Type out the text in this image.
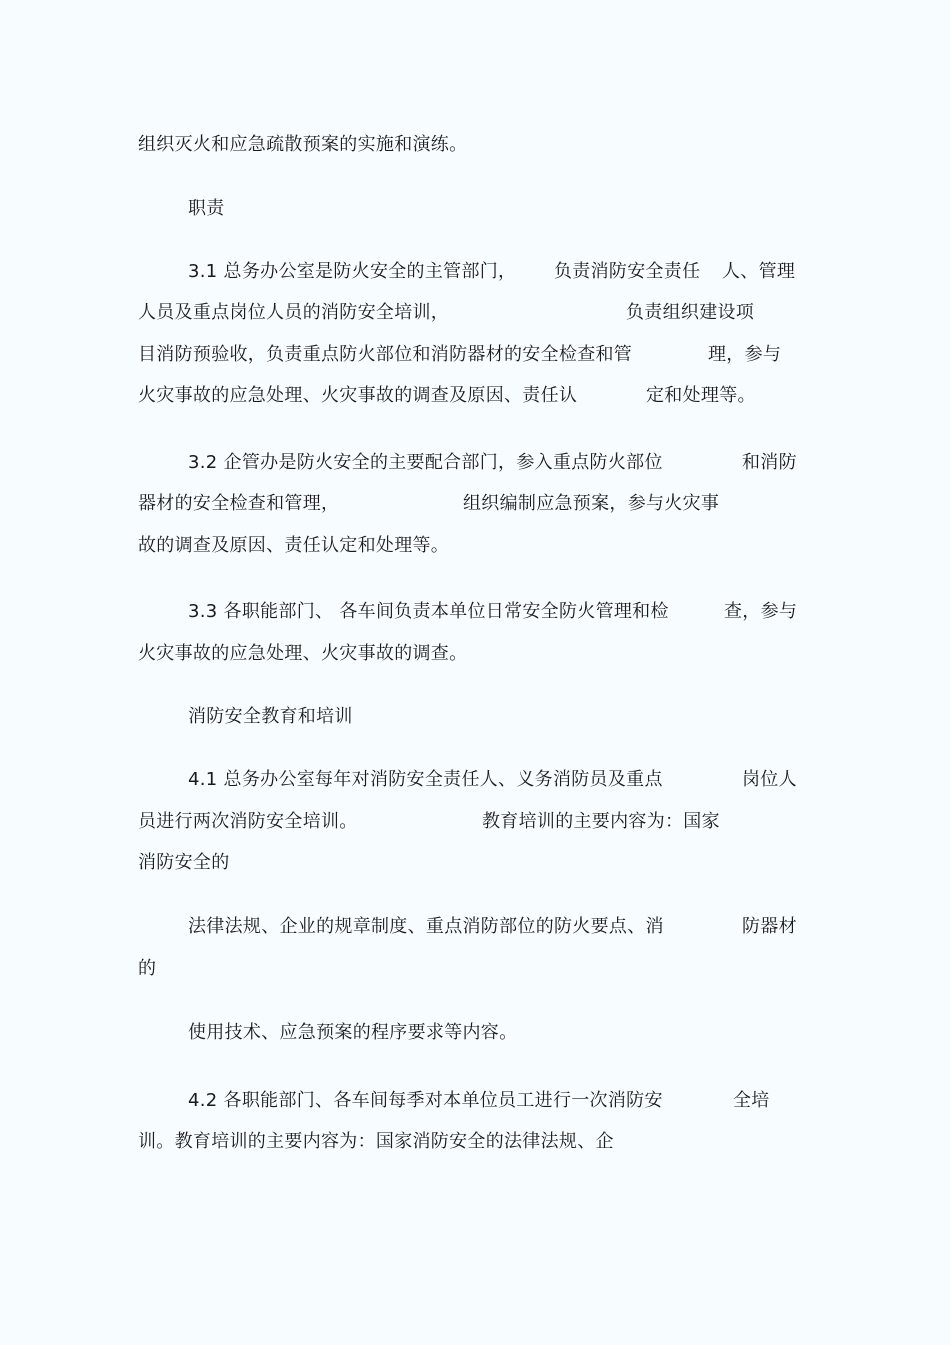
组织灭火和应急疏散预案的实施和演练。
职责
3.1 总务办公室是防火安全的主管部门， 负责消防安全责任 人、管理
人员及重点岗位人员的消防安全培训，	负责组织建设项
目消防预验收，负责重点防火部位和消防器材的安全检查和管	理，参与
火灾事故的应急处理、火灾事故的调查及原因、责任认	定和处理等。
3.2 企管办是防火安全的主要配合部门，参入重点防火部位	和消防
器材的安全检查和管理，	组织编制应急预案，参与火灾事
故的调查及原因、责任认定和处理等。
3.3 各职能部门、 各车间负责本单位日常安全防火管理和检	查，参与
火灾事故的应急处理、火灾事故的调查。
消防安全教育和培训
4.1 总务办公室每年对消防安全责任人、义务消防员及重点	岗位人
员进行两次消防安全培训。	教育培训的主要内容为：国家
消防安全的
法律法规、企业的规章制度、重点消防部位的防火要点、消	防器材
的
使用技术、应急预案的程序要求等内容。
4.2 各职能部门、各车间每季对本单位员工进行一次消防安	全培
训。教育培训的主要内容为：国家消防安全的法律法规、企
